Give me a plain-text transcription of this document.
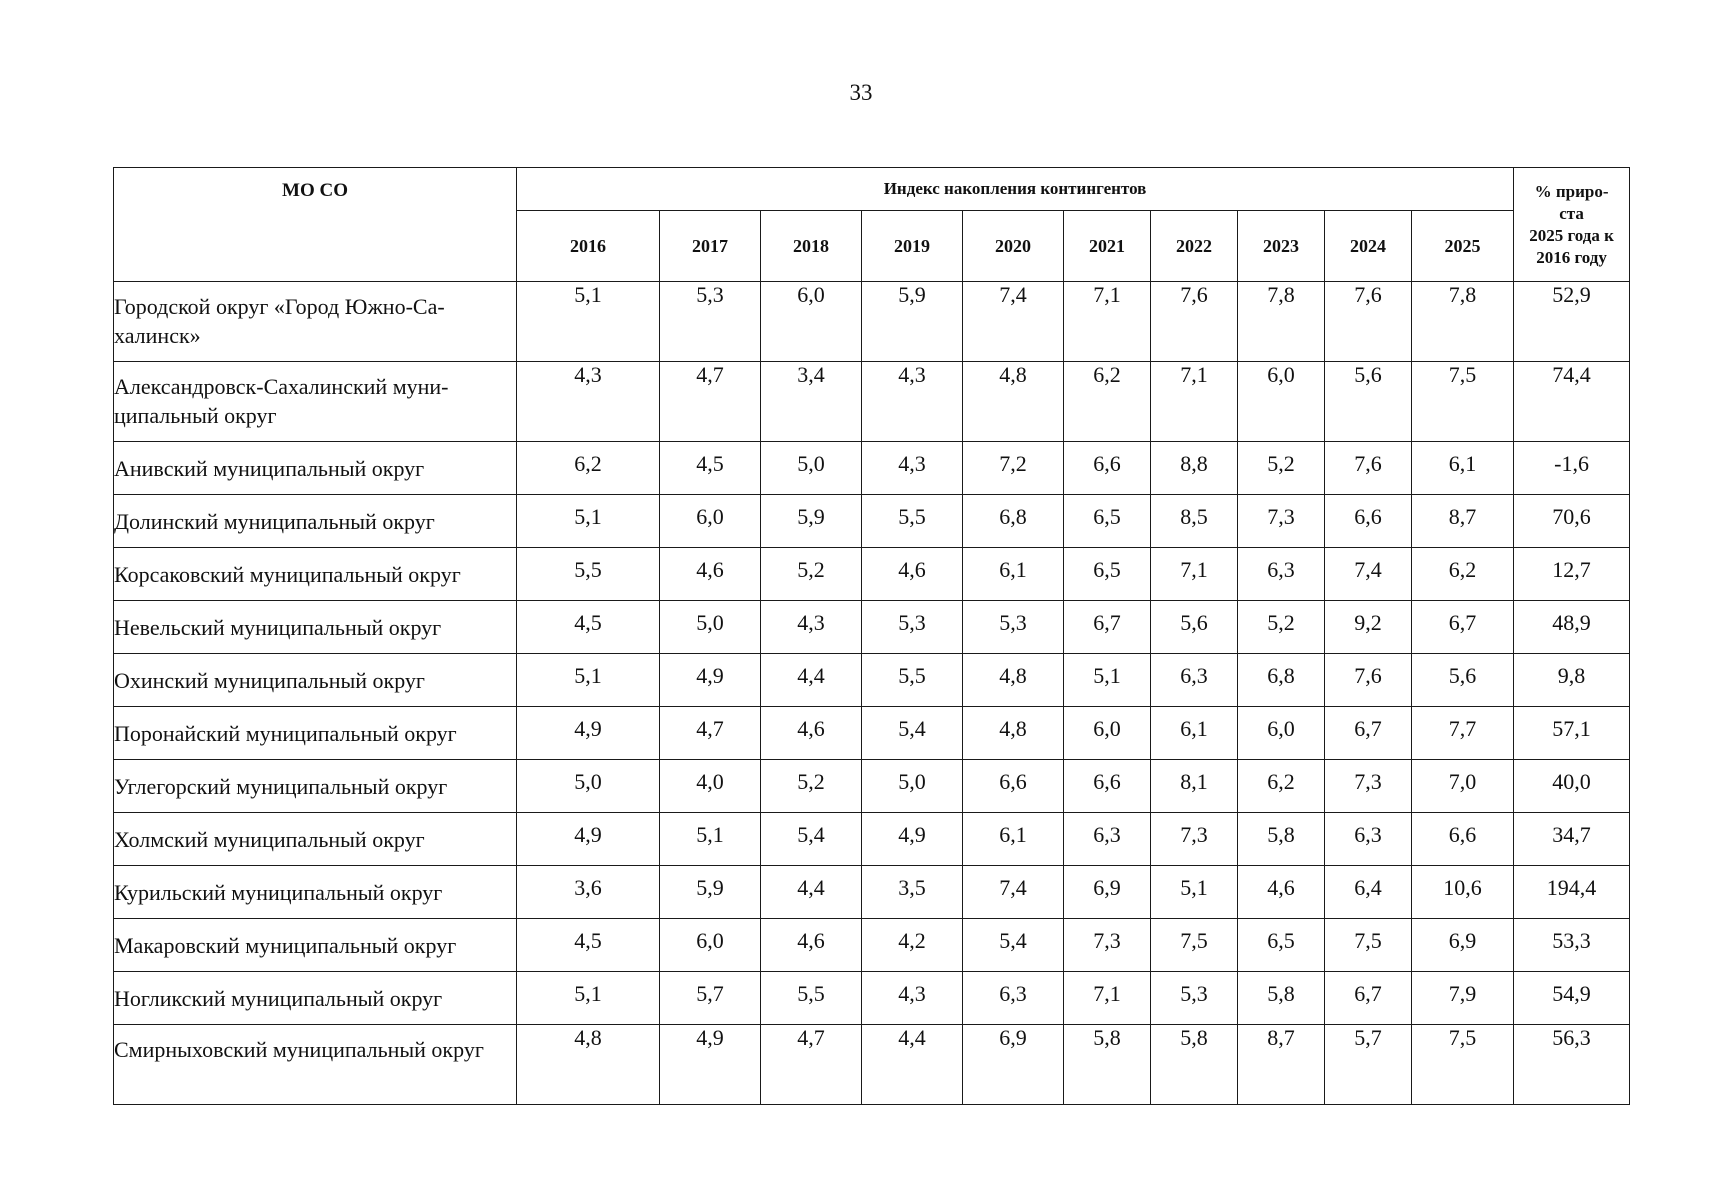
33
МО СО	Индекс накопления контингентов										% приро-
ста
2025 года к
2016 году

	2016	2017	2018	2019	2020	2021	2022	2023	2024	2025	
Городской округ «Город Южно-Са-халинск»	5,1	5,3	6,0	5,9	7,4	7,1	7,6	7,8	7,6	7,8	52,9
Александровск-Сахалинский муни-ципальный округ	4,3	4,7	3,4	4,3	4,8	6,2	7,1	6,0	5,6	7,5	74,4
Анивский муниципальный округ	6,2	4,5	5,0	4,3	7,2	6,6	8,8	5,2	7,6	6,1	-1,6
Долинский муниципальный округ	5,1	6,0	5,9	5,5	6,8	6,5	8,5	7,3	6,6	8,7	70,6
Корсаковский муниципальный округ	5,5	4,6	5,2	4,6	6,1	6,5	7,1	6,3	7,4	6,2	12,7
Невельский муниципальный округ	4,5	5,0	4,3	5,3	5,3	6,7	5,6	5,2	9,2	6,7	48,9
Охинский муниципальный округ	5,1	4,9	4,4	5,5	4,8	5,1	6,3	6,8	7,6	5,6	9,8
Поронайский муниципальный округ	4,9	4,7	4,6	5,4	4,8	6,0	6,1	6,0	6,7	7,7	57,1
Углегорский муниципальный округ	5,0	4,0	5,2	5,0	6,6	6,6	8,1	6,2	7,3	7,0	40,0
Холмский муниципальный округ	4,9	5,1	5,4	4,9	6,1	6,3	7,3	5,8	6,3	6,6	34,7
Курильский муниципальный округ	3,6	5,9	4,4	3,5	7,4	6,9	5,1	4,6	6,4	10,6	194,4
Макаровский муниципальный округ	4,5	6,0	4,6	4,2	5,4	7,3	7,5	6,5	7,5	6,9	53,3
Ногликский муниципальный округ	5,1	5,7	5,5	4,3	6,3	7,1	5,3	5,8	6,7	7,9	54,9
Смирныховский муниципальный округ	4,8	4,9	4,7	4,4	6,9	5,8	5,8	8,7	5,7	7,5	56,3
